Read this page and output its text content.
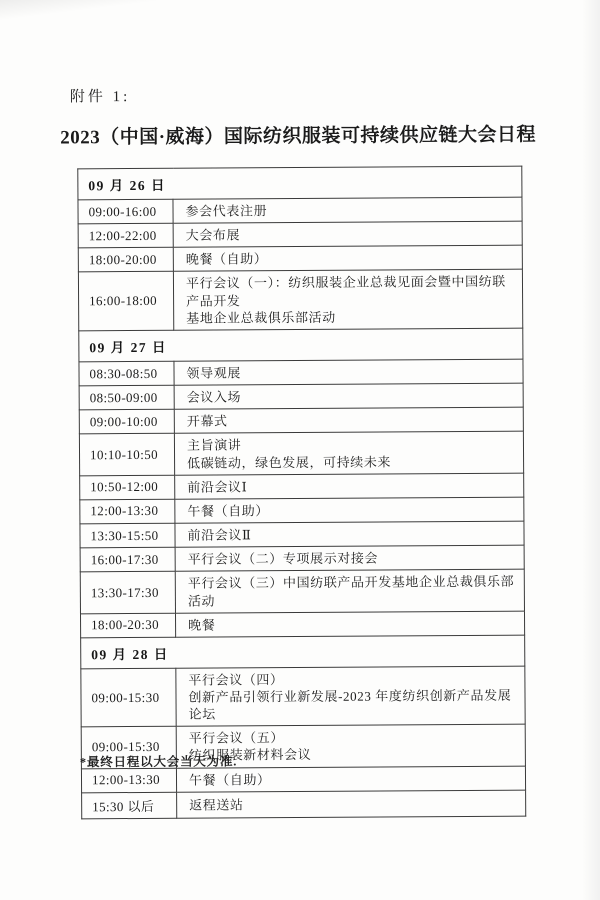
附件 1:
2023（中国·威海）国际纺织服装可持续供应链大会日程
09 月 26 日	
09:00-16:00	参会代表注册

12:00-22:00	大会布展

18:00-20:00	晚餐（自助）

16:00-18:00	平行会议（一）：纺织服装企业总裁见面会暨中国纺联产品开发
基地企业总裁俱乐部活动

09 月 27 日	
08:30-08:50	领导观展

08:50-09:00	会议入场

09:00-10:00	开幕式

10:10-10:50	主旨演讲
低碳链动，绿色发展，可持续未来

10:50-12:00	前沿会议Ⅰ

12:00-13:30	午餐（自助）

13:30-15:50	前沿会议Ⅱ

16:00-17:30	平行会议（二）专项展示对接会

13:30-17:30	平行会议（三）中国纺联产品开发基地企业总裁俱乐部活动

18:00-20:30	晚餐

09 月 28 日	
09:00-15:30	平行会议（四）
创新产品引领行业新发展-2023 年度纺织创新产品发展论坛

09:00-15:30	平行会议（五）
纺织服装新材料会议

12:00-13:30	午餐（自助）

15:30 以后	返程送站
*最终日程以大会当天为准.
